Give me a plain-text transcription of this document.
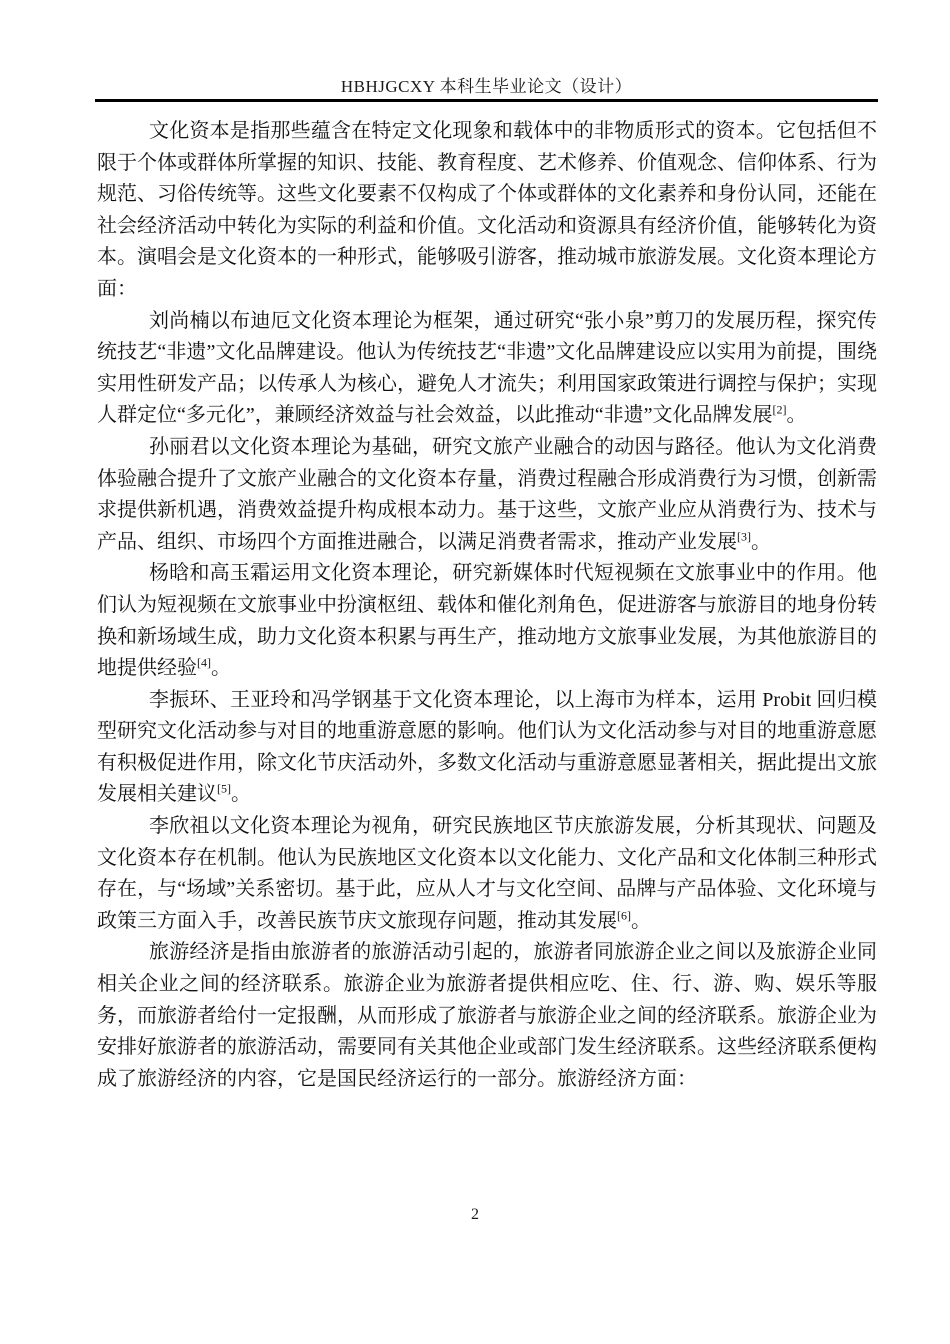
HBHJGCXY 本科生毕业论文（设计）

文化资本是指那些蕴含在特定文化现象和载体中的非物质形式的资本。它包括但不限于个体或群体所掌握的知识、技能、教育程度、艺术修养、价值观念、信仰体系、行为规范、习俗传统等。这些文化要素不仅构成了个体或群体的文化素养和身份认同，还能在社会经济活动中转化为实际的利益和价值。文化活动和资源具有经济价值，能够转化为资本。演唱会是文化资本的一种形式，能够吸引游客，推动城市旅游发展。文化资本理论方面：

刘尚楠以布迪厄文化资本理论为框架，通过研究“张小泉”剪刀的发展历程，探究传统技艺“非遗”文化品牌建设。他认为传统技艺“非遗”文化品牌建设应以实用为前提，围绕实用性研发产品；以传承人为核心，避免人才流失；利用国家政策进行调控与保护；实现人群定位“多元化”，兼顾经济效益与社会效益，以此推动“非遗”文化品牌发展[2]。

孙丽君以文化资本理论为基础，研究文旅产业融合的动因与路径。他认为文化消费体验融合提升了文旅产业融合的文化资本存量，消费过程融合形成消费行为习惯，创新需求提供新机遇，消费效益提升构成根本动力。基于这些，文旅产业应从消费行为、技术与产品、组织、市场四个方面推进融合，以满足消费者需求，推动产业发展[3]。

杨晗和高玉霜运用文化资本理论，研究新媒体时代短视频在文旅事业中的作用。他们认为短视频在文旅事业中扮演枢纽、载体和催化剂角色，促进游客与旅游目的地身份转换和新场域生成，助力文化资本积累与再生产，推动地方文旅事业发展，为其他旅游目的地提供经验[4]。

李振环、王亚玲和冯学钢基于文化资本理论，以上海市为样本，运用 Probit 回归模型研究文化活动参与对目的地重游意愿的影响。他们认为文化活动参与对目的地重游意愿有积极促进作用，除文化节庆活动外，多数文化活动与重游意愿显著相关，据此提出文旅发展相关建议[5]。

李欣祖以文化资本理论为视角，研究民族地区节庆旅游发展，分析其现状、问题及文化资本存在机制。他认为民族地区文化资本以文化能力、文化产品和文化体制三种形式存在，与“场域”关系密切。基于此，应从人才与文化空间、品牌与产品体验、文化环境与政策三方面入手，改善民族节庆文旅现存问题，推动其发展[6]。

旅游经济是指由旅游者的旅游活动引起的，旅游者同旅游企业之间以及旅游企业同相关企业之间的经济联系。旅游企业为旅游者提供相应吃、住、行、游、购、娱乐等服务，而旅游者给付一定报酬，从而形成了旅游者与旅游企业之间的经济联系。旅游企业为安排好旅游者的旅游活动，需要同有关其他企业或部门发生经济联系。这些经济联系便构成了旅游经济的内容，它是国民经济运行的一部分。旅游经济方面：

2
